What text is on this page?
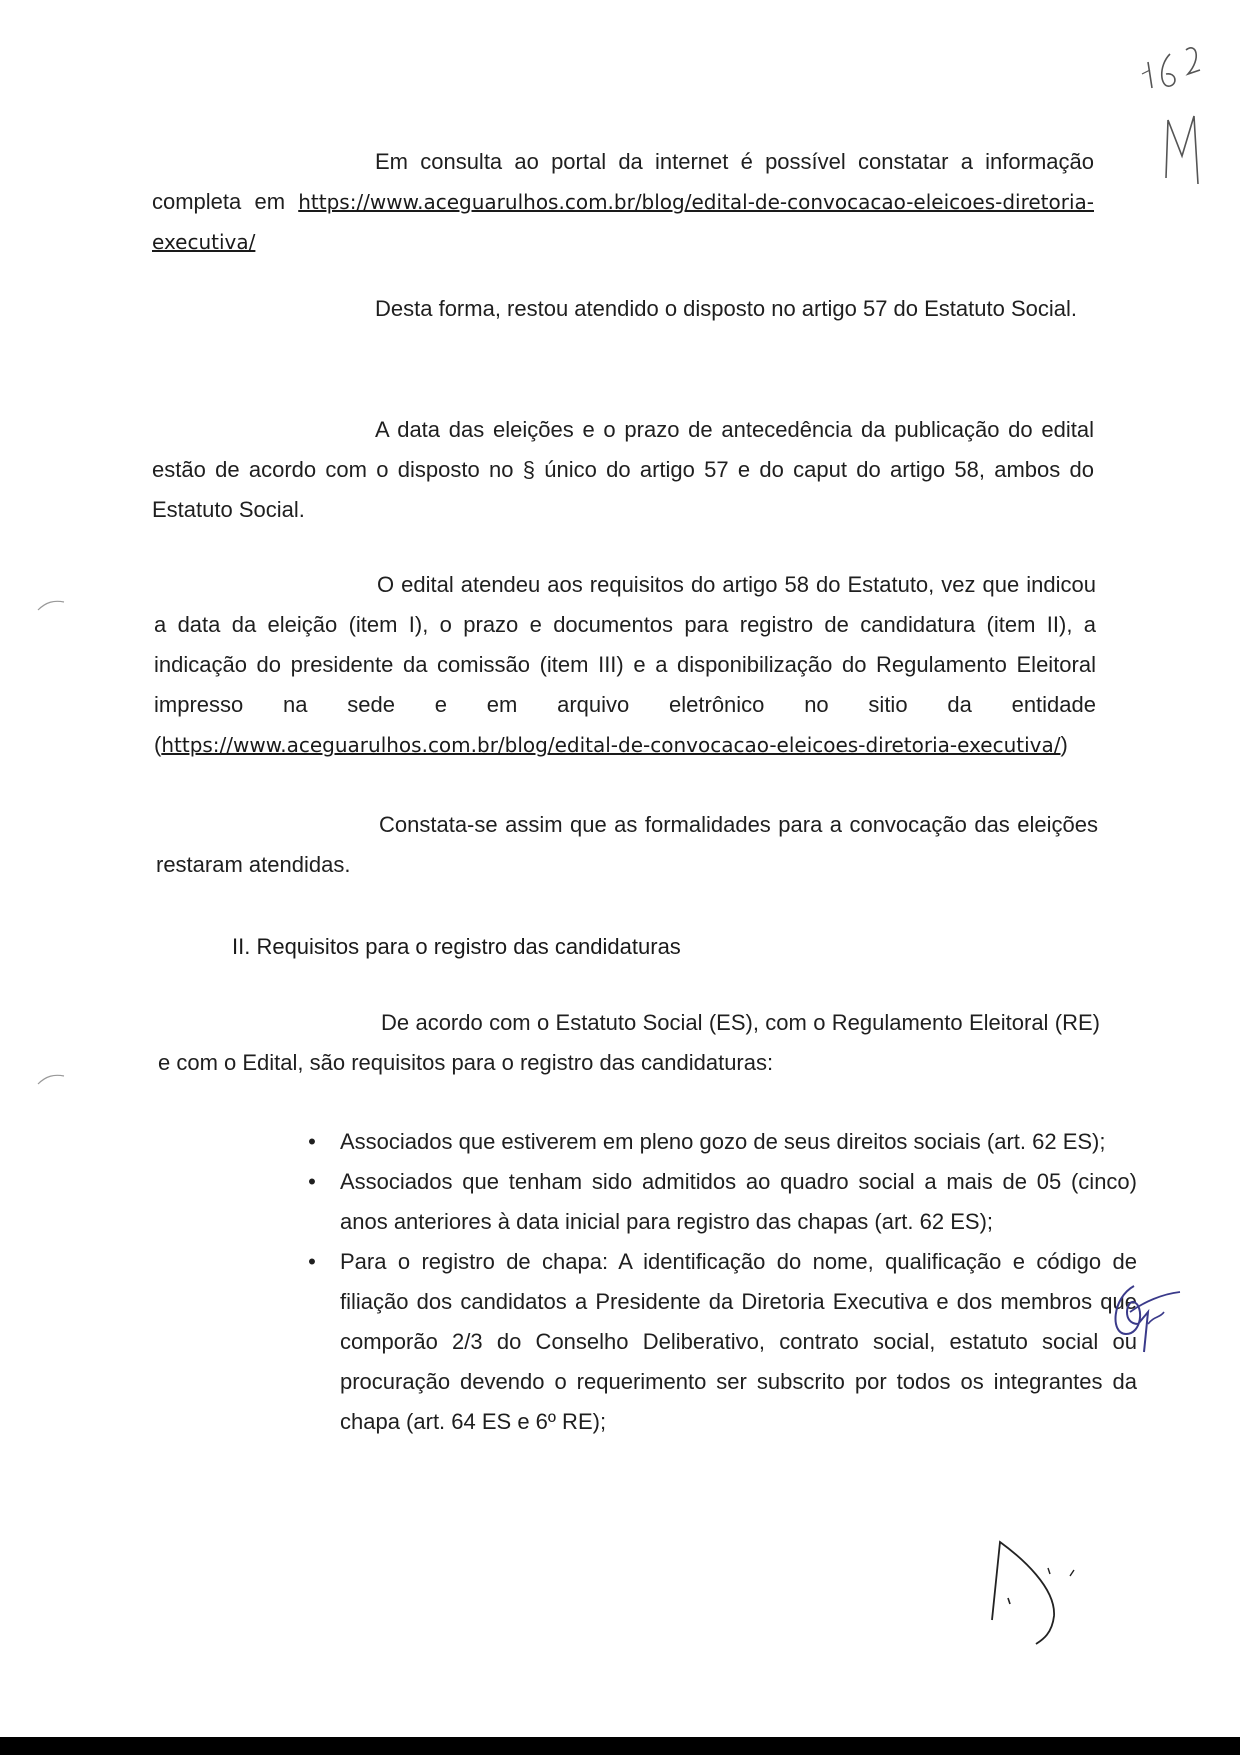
162
Em consulta ao portal da internet é possível constatar a informação completa em https://www.aceguarulhos.com.br/blog/edital-de-convocacao-eleicoes-diretoria-executiva/
Desta forma, restou atendido o disposto no artigo 57 do Estatuto Social.
A data das eleições e o prazo de antecedência da publicação do edital estão de acordo com o disposto no § único do artigo 57 e do caput do artigo 58, ambos do Estatuto Social.
O edital atendeu aos requisitos do artigo 58 do Estatuto, vez que indicou a data da eleição (item I), o prazo e documentos para registro de candidatura (item II), a indicação do presidente da comissão (item III) e a disponibilização do Regulamento Eleitoral impresso na sede e em arquivo eletrônico no sitio da entidade (https://www.aceguarulhos.com.br/blog/edital-de-convocacao-eleicoes-diretoria-executiva/)
Constata-se assim que as formalidades para a convocação das eleições restaram atendidas.
II. Requisitos para o registro das candidaturas
De acordo com o Estatuto Social (ES), com o Regulamento Eleitoral (RE) e com o Edital, são requisitos para o registro das candidaturas:
• Associados que estiverem em pleno gozo de seus direitos sociais (art. 62 ES);
• Associados que tenham sido admitidos ao quadro social a mais de 05 (cinco) anos anteriores à data inicial para registro das chapas (art. 62 ES);
• Para o registro de chapa: A identificação do nome, qualificação e código de filiação dos candidatos a Presidente da Diretoria Executiva e dos membros que comporão 2/3 do Conselho Deliberativo, contrato social, estatuto social ou procuração devendo o requerimento ser subscrito por todos os integrantes da chapa (art. 64 ES e 6º RE);
